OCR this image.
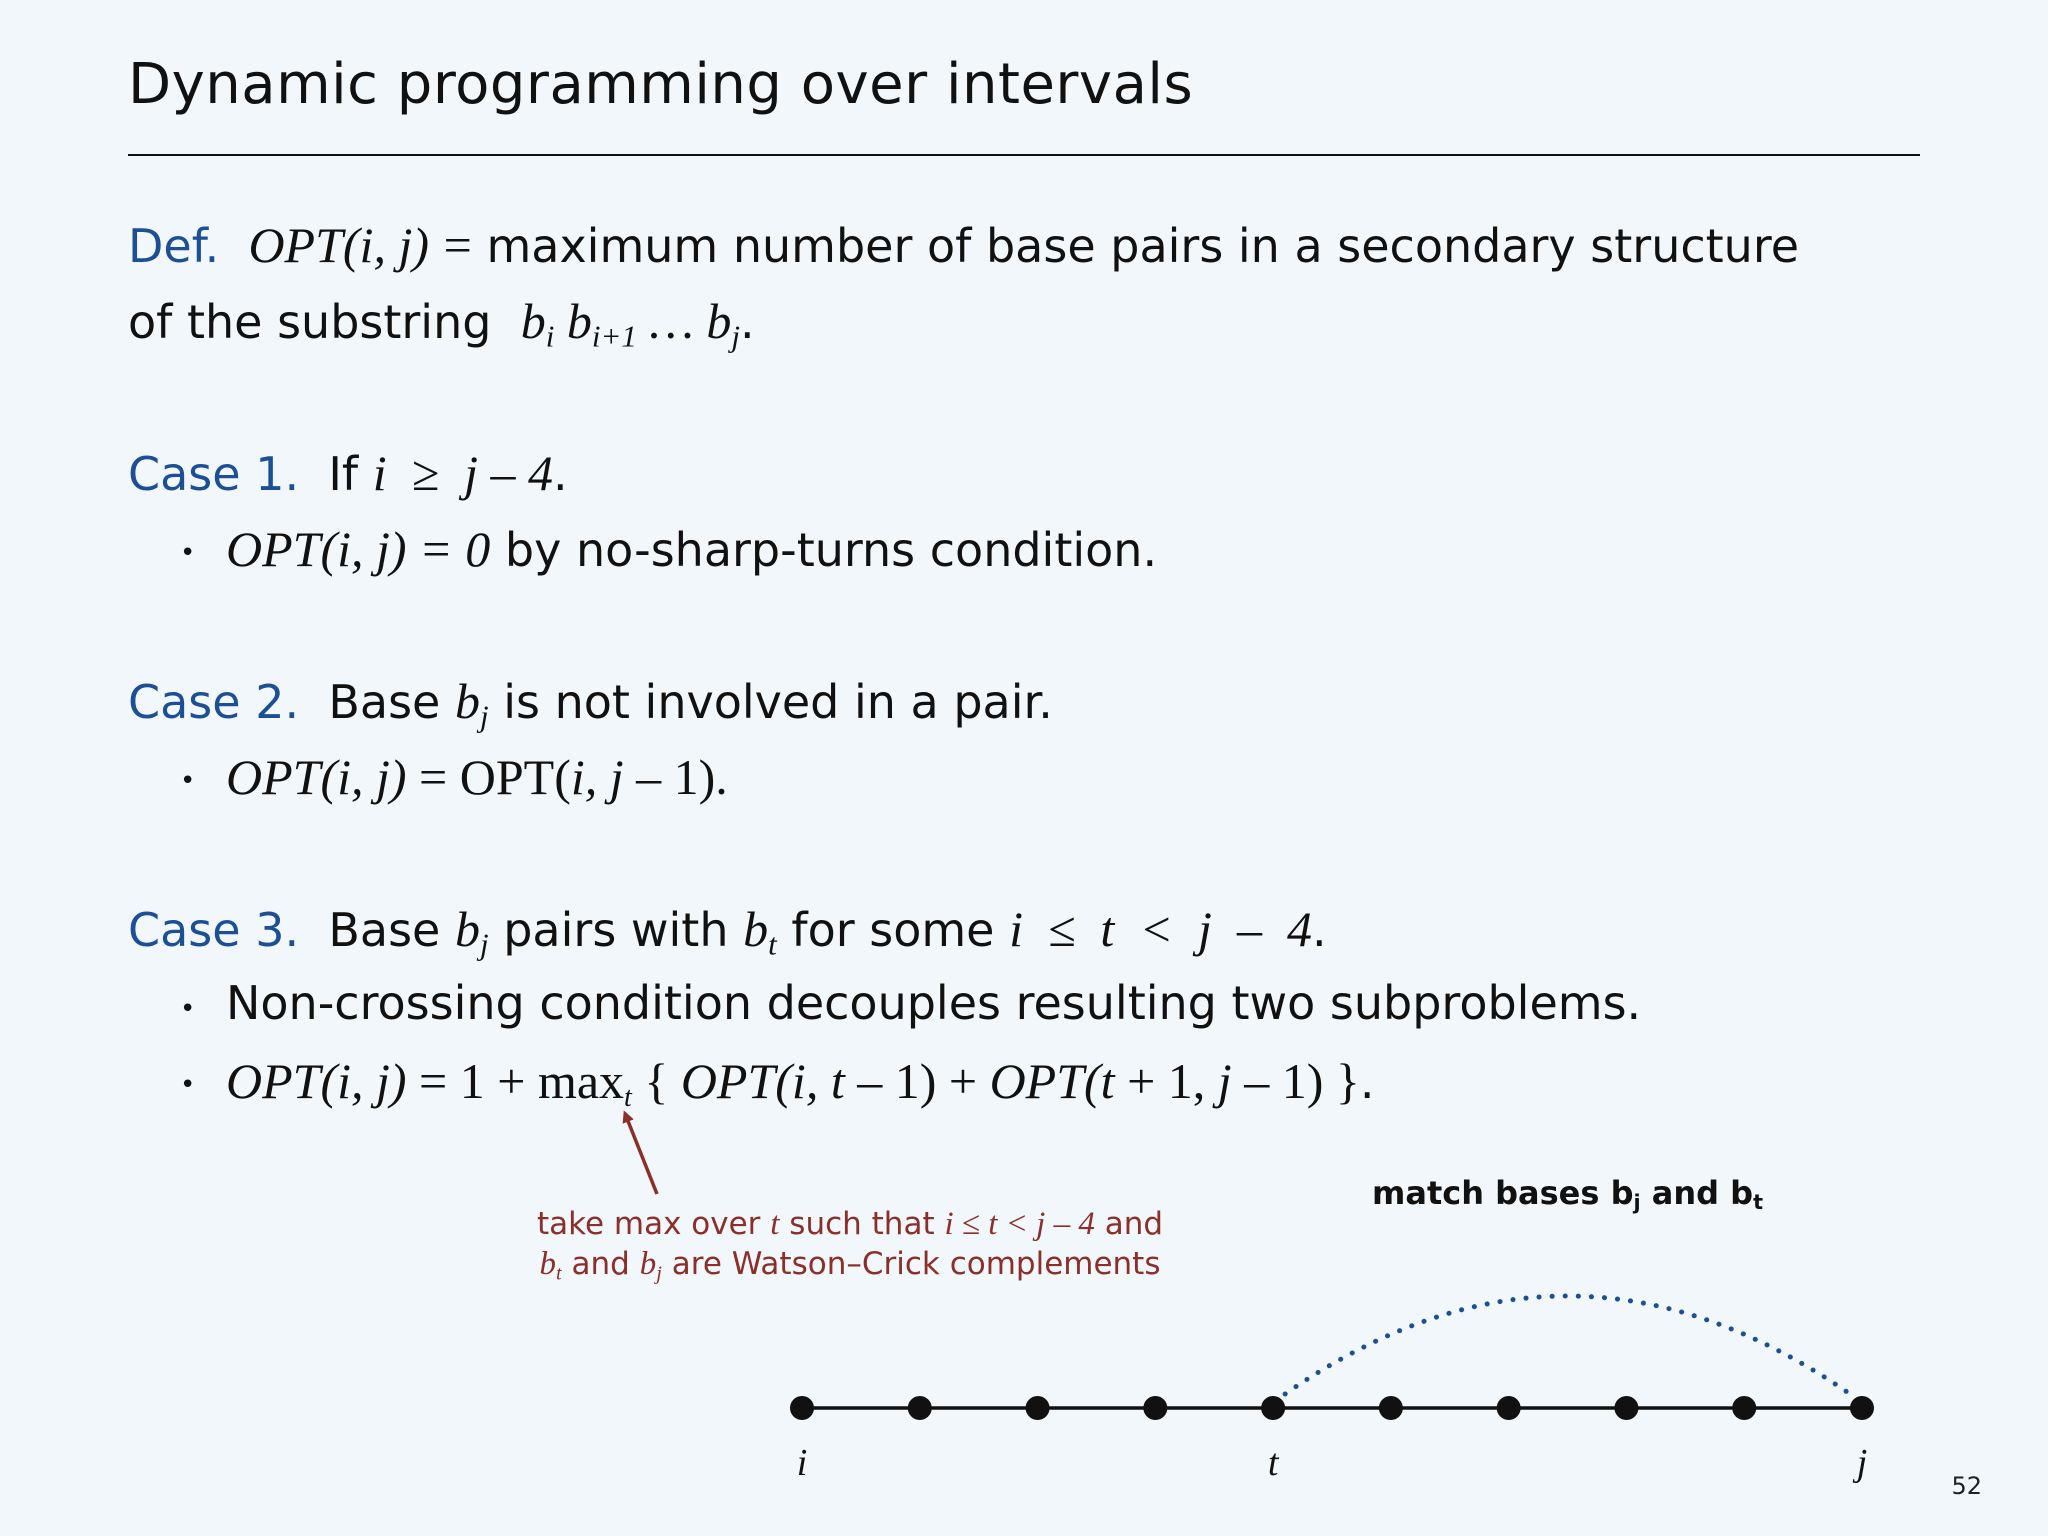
Dynamic programming over intervals
Def. OPT(i, j) = maximum number of base pairs in a secondary structure
of the substring $b_i$ $b_{i+1}$ … $b_j$.
Case 1. If i  ≥  j – 4.
• OPT(i, j) = 0 by no-sharp-turns condition.
Case 2. Base $b_j$ is not involved in a pair.
• OPT(i, j) = OPT(i, j – 1).
Case 3. Base $b_j$ pairs with $b_t$ for some i  ≤  t  <  j  –  4.
• Non-crossing condition decouples resulting two subproblems.
• OPT(i, $j) = 1 + \max_t$ { OPT(i, t – 1) + OPT(t + 1, j – 1) }.
take max over t such that i ≤ t < j – 4 and
$b_t$ and $b_j$ are Watson–Crick complements
match bases $b_j$ and $b_t$
i	t	j
52
